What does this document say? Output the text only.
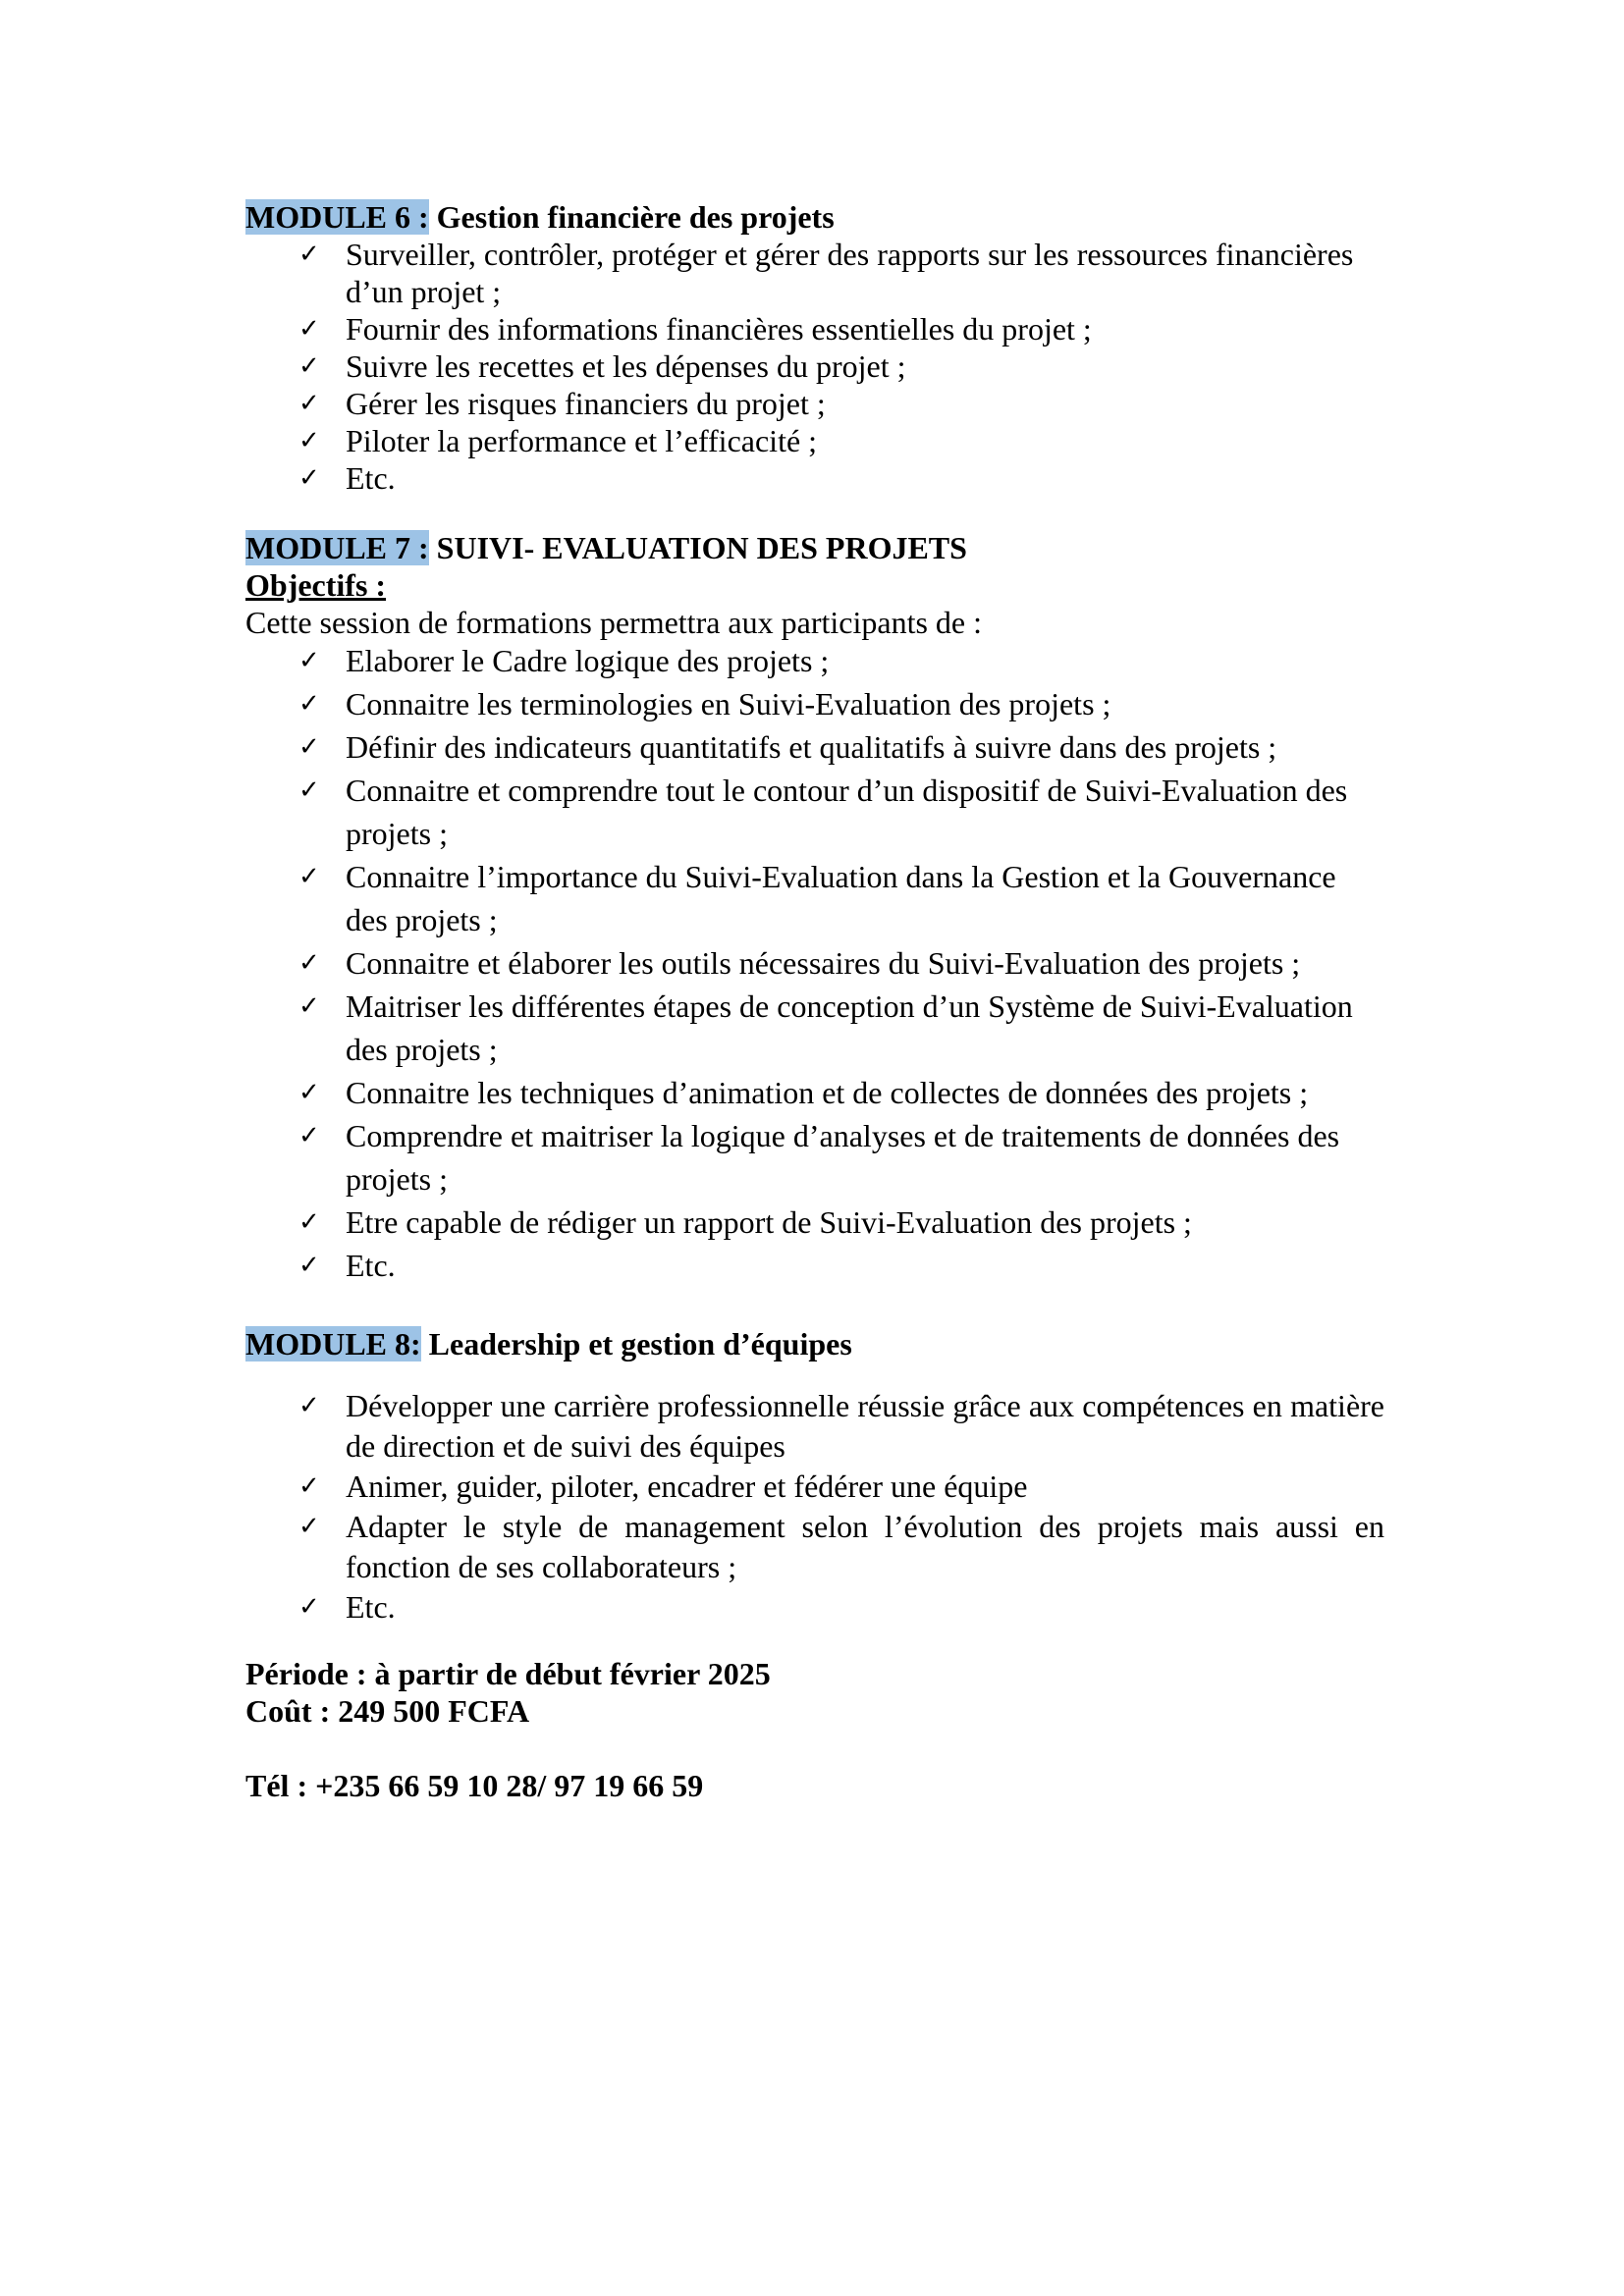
MODULE 6 : Gestion financière des projets
✓ Surveiller, contrôler, protéger et gérer des rapports sur les ressources financières d’un projet ;
✓ Fournir des informations financières essentielles du projet ;
✓ Suivre les recettes et les dépenses du projet ;
✓ Gérer les risques financiers du projet ;
✓ Piloter la performance et l’efficacité ;
✓ Etc.
MODULE 7 : SUIVI- EVALUATION DES PROJETS
Objectifs :
Cette session de formations permettra aux participants de :
✓ Elaborer le Cadre logique des projets ;
✓ Connaitre les terminologies en Suivi-Evaluation des projets ;
✓ Définir des indicateurs quantitatifs et qualitatifs à suivre dans des projets ;
✓ Connaitre et comprendre tout le contour d’un dispositif de Suivi-Evaluation des projets ;
✓ Connaitre l’importance du Suivi-Evaluation dans la Gestion et la Gouvernance des projets ;
✓ Connaitre et élaborer les outils nécessaires du Suivi-Evaluation des projets ;
✓ Maitriser les différentes étapes de conception d’un Système de Suivi-Evaluation des projets ;
✓ Connaitre les techniques d’animation et de collectes de données des projets ;
✓ Comprendre et maitriser la logique d’analyses et de traitements de données des projets ;
✓ Etre capable de rédiger un rapport de Suivi-Evaluation des projets ;
✓ Etc.
MODULE 8: Leadership et gestion d’équipes
✓ Développer une carrière professionnelle réussie grâce aux compétences en matière de direction et de suivi des équipes
✓ Animer, guider, piloter, encadrer et fédérer une équipe
✓ Adapter le style de management selon l’évolution des projets mais aussi en fonction de ses collaborateurs ;
✓ Etc.
Période : à partir de début février 2025
Coût : 249 500 FCFA
Tél : +235 66 59 10 28/ 97 19 66 59
